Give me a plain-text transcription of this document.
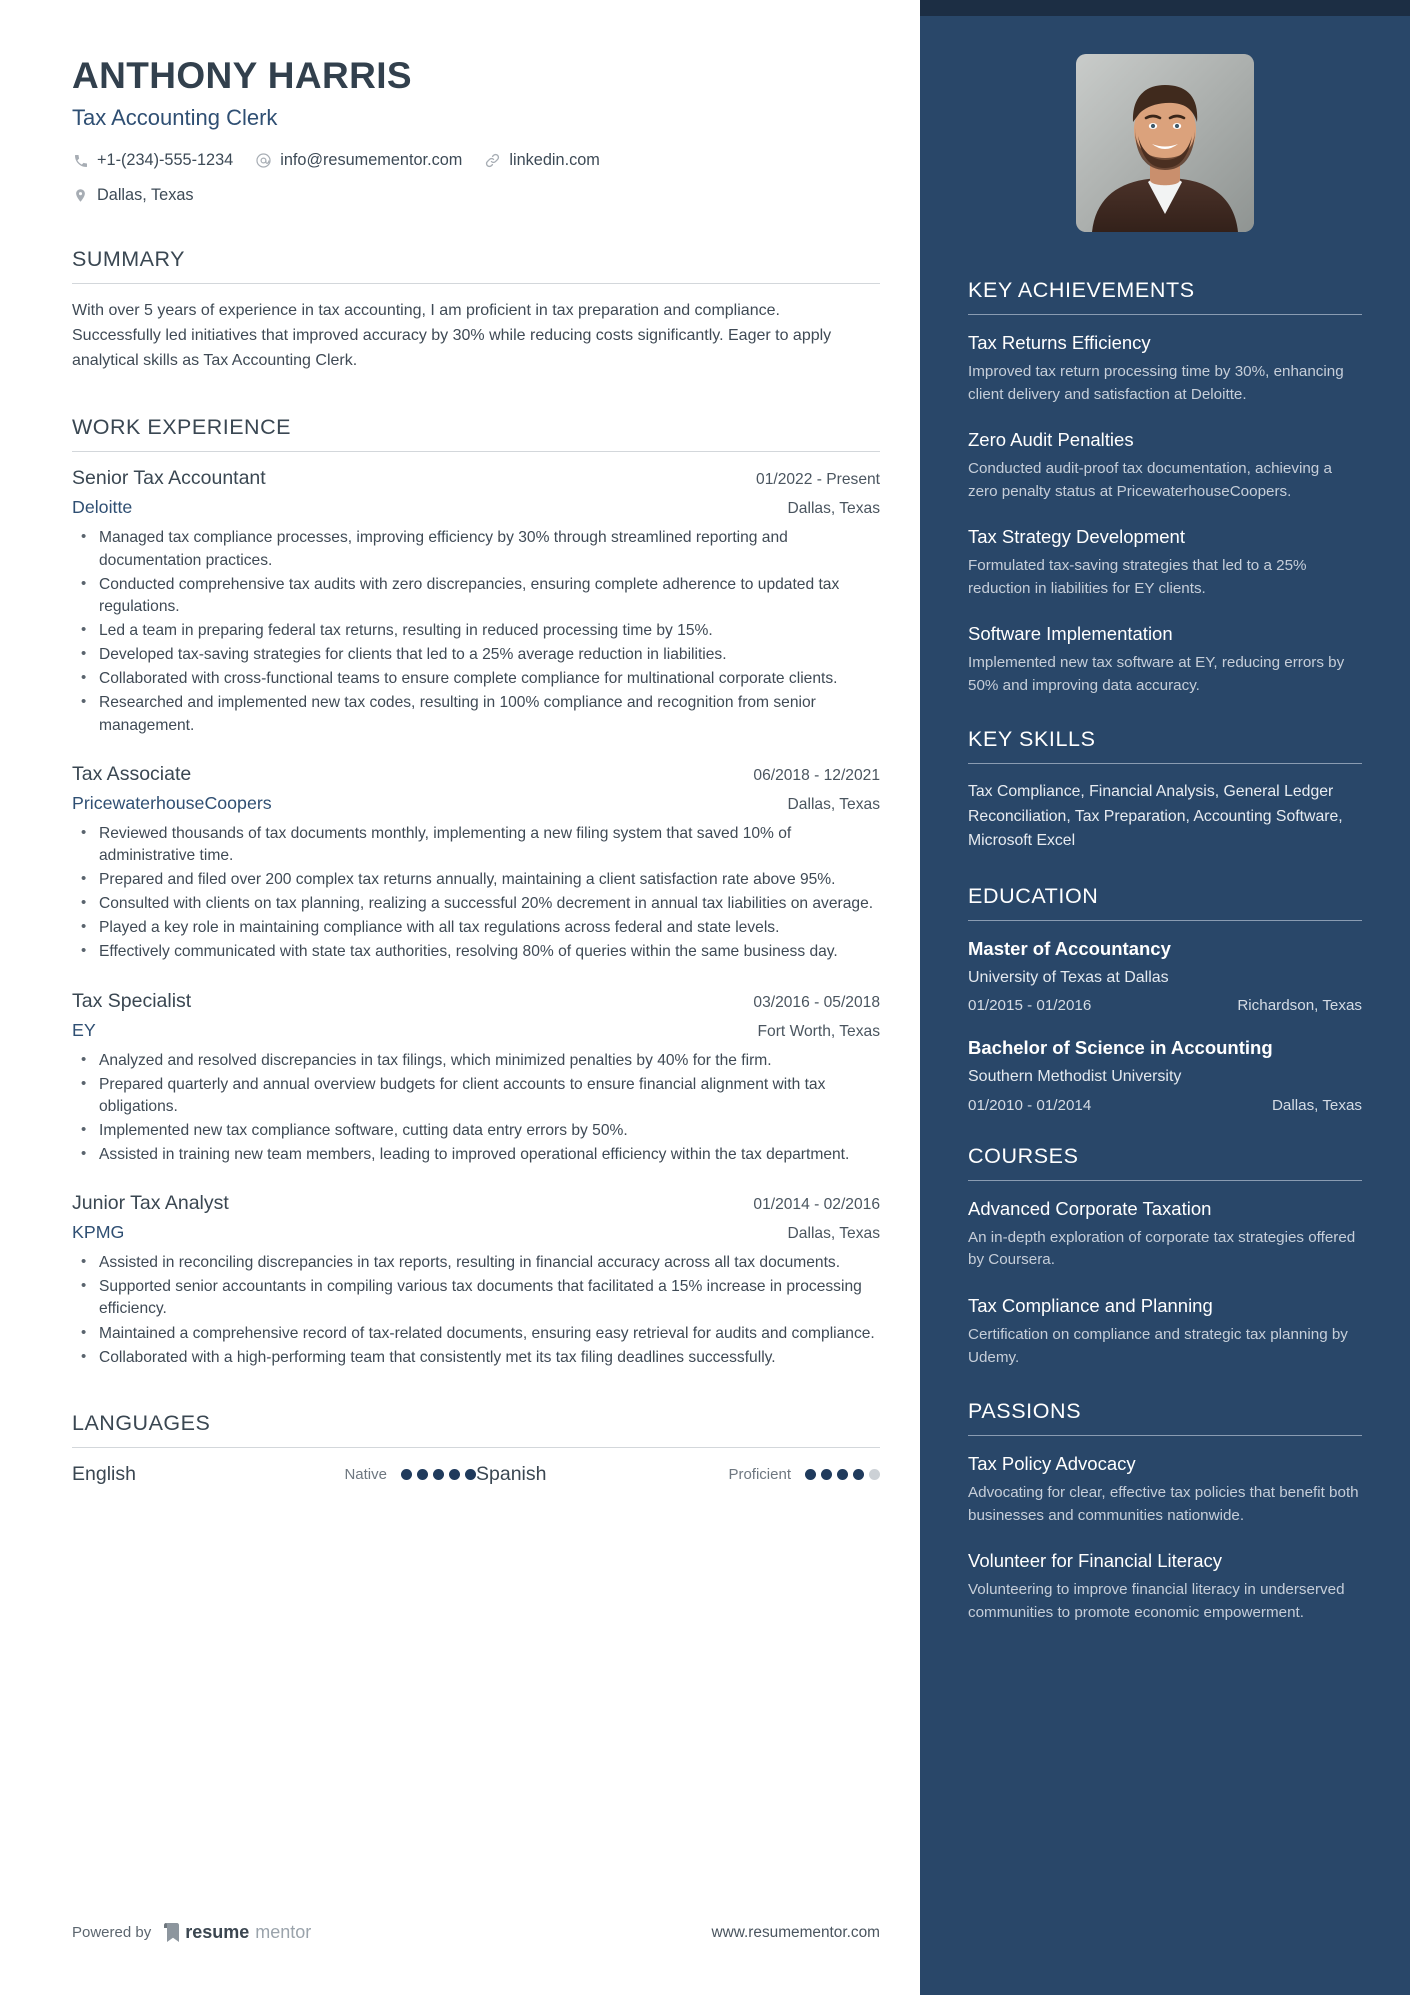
KEY ACHIEVEMENTS
Tax Returns Efficiency
Improved tax return processing time by 30%, enhancing client delivery and satisfaction at Deloitte.
Zero Audit Penalties
Conducted audit-proof tax documentation, achieving a zero penalty status at PricewaterhouseCoopers.
Tax Strategy Development
Formulated tax-saving strategies that led to a 25% reduction in liabilities for EY clients.
Software Implementation
Implemented new tax software at EY, reducing errors by 50% and improving data accuracy.
KEY SKILLS
Tax Compliance, Financial Analysis, General Ledger Reconciliation, Tax Preparation, Accounting Software, Microsoft Excel
EDUCATION
Master of Accountancy
University of Texas at Dallas
01/2015 - 01/2016	Richardson, Texas
Bachelor of Science in Accounting
Southern Methodist University
01/2010 - 01/2014	Dallas, Texas
COURSES
Advanced Corporate Taxation
An in-depth exploration of corporate tax strategies offered by Coursera.
Tax Compliance and Planning
Certification on compliance and strategic tax planning by Udemy.
PASSIONS
Tax Policy Advocacy
Advocating for clear, effective tax policies that benefit both businesses and communities nationwide.
Volunteer for Financial Literacy
Volunteering to improve financial literacy in underserved communities to promote economic empowerment.
ANTHONY HARRIS
Tax Accounting Clerk
+1-(234)-555-1234	info@resumementor.com	linkedin.com
Dallas, Texas
SUMMARY

With over 5 years of experience in tax accounting, I am proficient in tax preparation and compliance. Successfully led initiatives that improved accuracy by 30% while reducing costs significantly. Eager to apply analytical skills as Tax Accounting Clerk.

WORK EXPERIENCE
Senior Tax Accountant	01/2022 - Present
Deloitte	Dallas, Texas
• Managed tax compliance processes, improving efficiency by 30% through streamlined reporting and documentation practices.
• Conducted comprehensive tax audits with zero discrepancies, ensuring complete adherence to updated tax regulations.
• Led a team in preparing federal tax returns, resulting in reduced processing time by 15%.
• Developed tax-saving strategies for clients that led to a 25% average reduction in liabilities.
• Collaborated with cross-functional teams to ensure complete compliance for multinational corporate clients.
• Researched and implemented new tax codes, resulting in 100% compliance and recognition from senior management.
Tax Associate	06/2018 - 12/2021
PricewaterhouseCoopers	Dallas, Texas
• Reviewed thousands of tax documents monthly, implementing a new filing system that saved 10% of administrative time.
• Prepared and filed over 200 complex tax returns annually, maintaining a client satisfaction rate above 95%.
• Consulted with clients on tax planning, realizing a successful 20% decrement in annual tax liabilities on average.
• Played a key role in maintaining compliance with all tax regulations across federal and state levels.
• Effectively communicated with state tax authorities, resolving 80% of queries within the same business day.
Tax Specialist	03/2016 - 05/2018
EY	Fort Worth, Texas
• Analyzed and resolved discrepancies in tax filings, which minimized penalties by 40% for the firm.
• Prepared quarterly and annual overview budgets for client accounts to ensure financial alignment with tax obligations.
• Implemented new tax compliance software, cutting data entry errors by 50%.
• Assisted in training new team members, leading to improved operational efficiency within the tax department.
Junior Tax Analyst	01/2014 - 02/2016
KPMG	Dallas, Texas
• Assisted in reconciling discrepancies in tax reports, resulting in financial accuracy across all tax documents.
• Supported senior accountants in compiling various tax documents that facilitated a 15% increase in processing efficiency.
• Maintained a comprehensive record of tax-related documents, ensuring easy retrieval for audits and compliance.
• Collaborated with a high-performing team that consistently met its tax filing deadlines successfully.
LANGUAGES
English	Native	Spanish	Proficient
Powered by resume mentor	www.resumementor.com
